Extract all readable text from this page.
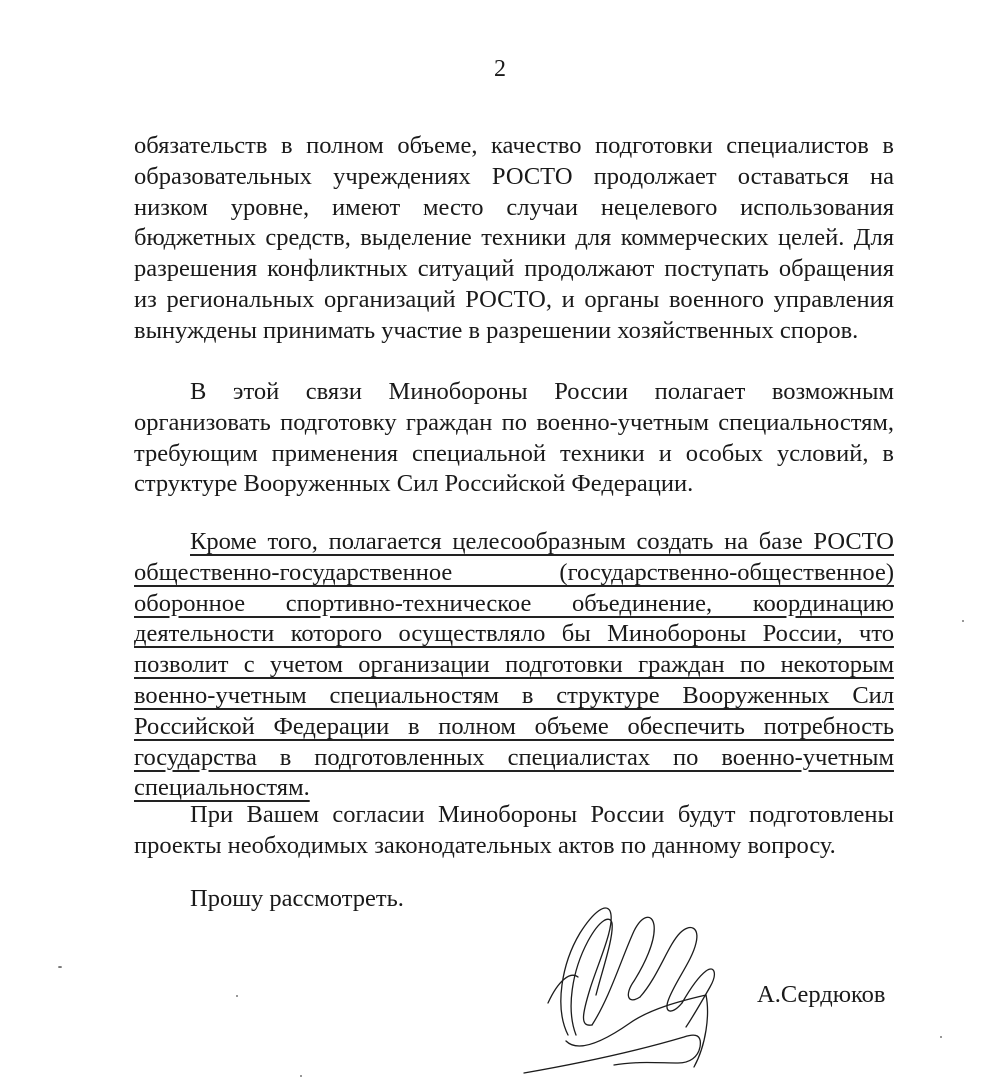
2

обязательств в полном объеме, качество подготовки специалистов в образовательных учреждениях РОСТО продолжает оставаться на низком уровне, имеют место случаи нецелевого использования бюджетных средств, выделение техники для коммерческих целей. Для разрешения конфликтных ситуаций продолжают поступать обращения из региональных организаций РОСТО, и органы военного управления вынуждены принимать участие в разрешении хозяйственных споров.

В этой связи Минобороны России полагает возможным организовать подготовку граждан по военно-учетным специальностям, требующим применения специальной техники и особых условий, в структуре Вооруженных Сил Российской Федерации.

Кроме того, полагается целесообразным создать на базе РОСТО общественно-государственное (государственно-общественное) оборонное спортивно-техническое объединение, координацию деятельности которого осуществляло бы Минобороны России, что позволит с учетом организации подготовки граждан по некоторым военно-учетным специальностям в структуре Вооруженных Сил Российской Федерации в полном объеме обеспечить потребность государства в подготовленных специалистах по военно-учетным специальностям.

При Вашем согласии Минобороны России будут подготовлены проекты необходимых законодательных актов по данному вопросу.

Прошу рассмотреть.

А.Сердюков
